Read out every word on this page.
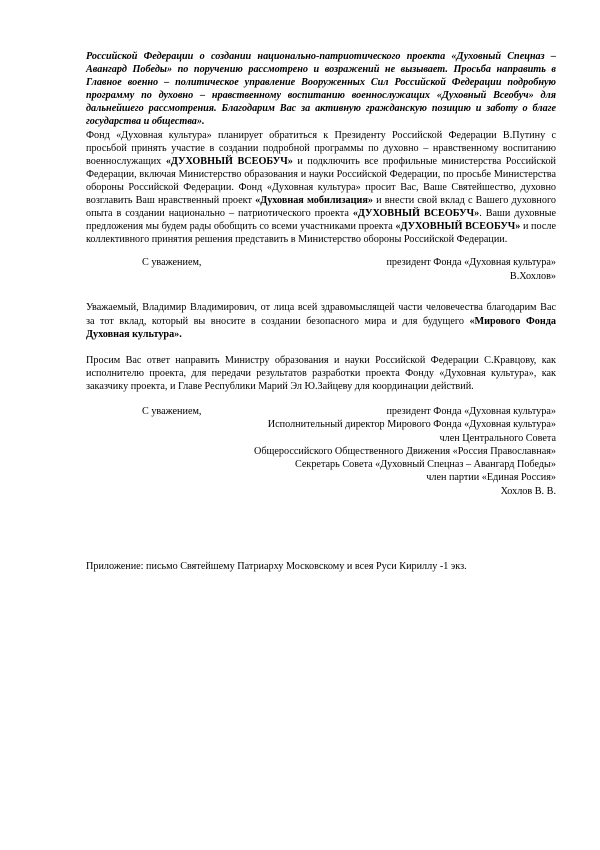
Российской Федерации о создании национально-патриотического проекта «Духовный Спецназ – Авангард Победы» по поручению рассмотрено и возражений не вызывает. Просьба направить в Главное военно – политическое управление Вооруженных Сил Российской Федерации подробную программу по духовно – нравственному воспитанию военнослужащих «Духовный Всеобуч» для дальнейшего рассмотрения. Благодарим Вас за активную гражданскую позицию и заботу о благе государства и общества».

Фонд «Духовная культура» планирует обратиться к Президенту Российской Федерации В.Путину с просьбой принять участие в создании подробной программы по духовно – нравственному воспитанию военнослужащих «ДУХОВНЫЙ ВСЕОБУЧ» и подключить все профильные министерства Российской Федерации, включая Министерство образования и науки Российской Федерации, по просьбе Министерства обороны Российской Федерации. Фонд «Духовная культура» просит Вас, Ваше Святейшество, духовно возглавить Ваш нравственный проект «Духовная мобилизация» и внести свой вклад с Вашего духовного опыта в создании национально – патриотического проекта «ДУХОВНЫЙ ВСЕОБУЧ». Ваши духовные предложения мы будем рады обобщить со всеми участниками проекта «ДУХОВНЫЙ ВСЕОБУЧ» и после коллективного принятия решения представить в Министерство обороны Российской Федерации.

С уважением,	президент Фонда «Духовная культура»
В.Хохлов»

Уважаемый, Владимир Владимирович, от лица всей здравомыслящей части человечества благодарим Вас за тот вклад, который вы вносите в создании безопасного мира и для будущего «Мирового Фонда Духовная культура».

Просим Вас ответ направить Министру образования и науки Российской Федерации С.Кравцову, как исполнителю проекта, для передачи результатов разработки проекта Фонду «Духовная культура», как заказчику проекта, и Главе Республики Марий Эл Ю.Зайцеву для координации действий.

С уважением,	президент Фонда «Духовная культура»
Исполнительный директор Мирового Фонда «Духовная культура»
член Центрального Совета
Общероссийского Общественного Движения «Россия Православная»
Секретарь Совета «Духовный Спецназ – Авангард Победы»
член партии «Единая Россия»
Хохлов В. В.

Приложение: письмо Святейшему Патриарху Московскому и всея Руси Кириллу -1 экз.
